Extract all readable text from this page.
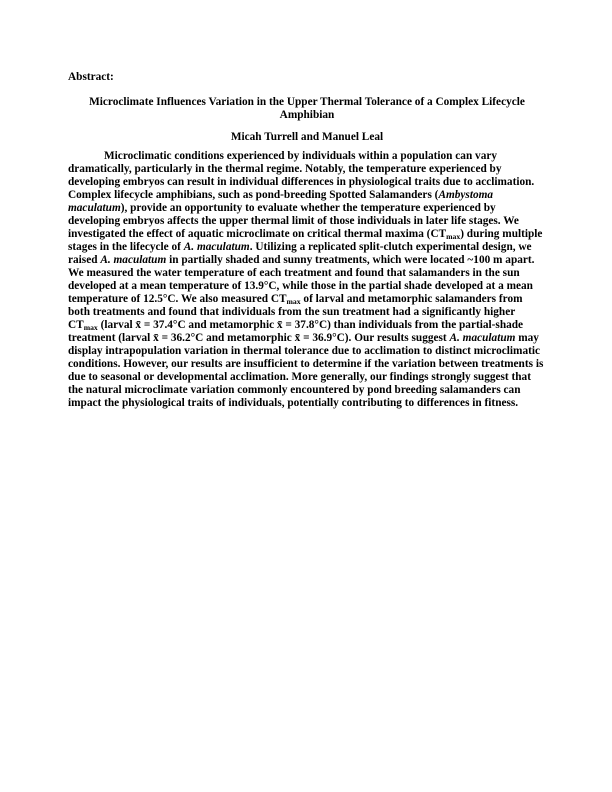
Abstract:

Microclimate Influences Variation in the Upper Thermal Tolerance of a Complex Lifecycle
Amphibian

Micah Turrell and Manuel Leal

Microclimatic conditions experienced by individuals within a population can vary dramatically, particularly in the thermal regime. Notably, the temperature experienced by developing embryos can result in individual differences in physiological traits due to acclimation. Complex lifecycle amphibians, such as pond-breeding Spotted Salamanders (Ambystoma maculatum), provide an opportunity to evaluate whether the temperature experienced by developing embryos affects the upper thermal limit of those individuals in later life stages. We investigated the effect of aquatic microclimate on critical thermal maxima (CTmax) during multiple stages in the lifecycle of A. maculatum. Utilizing a replicated split-clutch experimental design, we raised A. maculatum in partially shaded and sunny treatments, which were located ~100 m apart. We measured the water temperature of each treatment and found that salamanders in the sun developed at a mean temperature of 13.9°C, while those in the partial shade developed at a mean temperature of 12.5°C. We also measured CTmax of larval and metamorphic salamanders from both treatments and found that individuals from the sun treatment had a significantly higher CTmax (larval x̄ = 37.4°C and metamorphic x̄ = 37.8°C) than individuals from the partial-shade treatment (larval x̄ = 36.2°C and metamorphic x̄ = 36.9°C). Our results suggest A. maculatum may display intrapopulation variation in thermal tolerance due to acclimation to distinct microclimatic conditions. However, our results are insufficient to determine if the variation between treatments is due to seasonal or developmental acclimation. More generally, our findings strongly suggest that the natural microclimate variation commonly encountered by pond breeding salamanders can impact the physiological traits of individuals, potentially contributing to differences in fitness.
